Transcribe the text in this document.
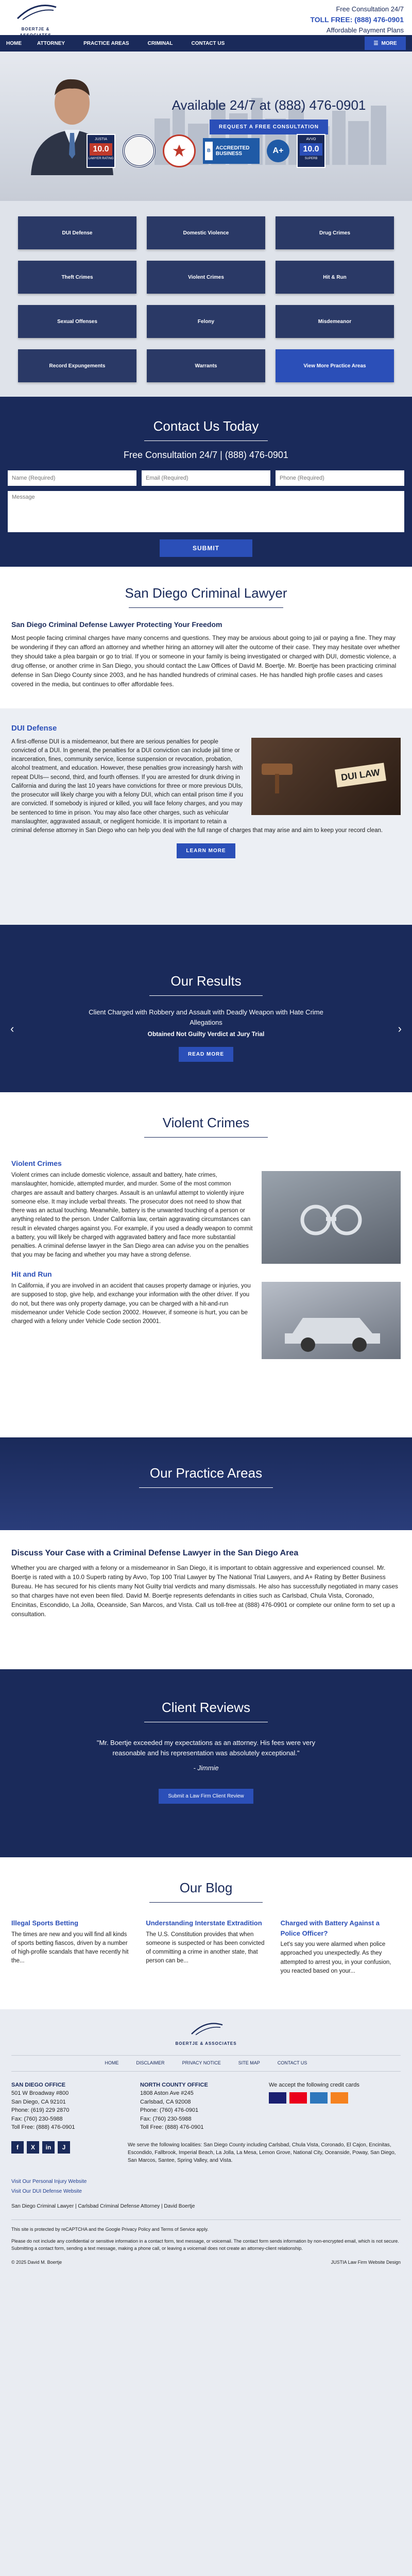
BOERTJE &
Free Consultation 24/7
TOLL FREE: (888) 476-0901
Affordable Payment Plans
HOME	ATTORNEY	PRACTICE AREAS	CRIMINAL	CONTACT US	☰ MORE
Available 24/7 at (888) 476-0901
REQUEST A FREE CONSULTATION
JUSTIA
10.0
LAWYER RATING
B	ACCREDITED BUSINESS	A+
AVVO
10.0
SUPERB
DUI Defense	Domestic Violence	Drug Crimes
Theft Crimes	Violent Crimes	Hit & Run
Sexual Offenses	Felony	Misdemeanor
Record Expungements	Warrants	View More Practice Areas
Contact Us Today
Free Consultation 24/7 | (888) 476-0901
Name (Required)
Email (Required)
Phone (Required)
Message
SUBMIT
San Diego Criminal Lawyer
San Diego Criminal Defense Lawyer Protecting Your Freedom

Most people facing criminal charges have many concerns and questions. They may be anxious about going to jail or paying a fine. They may be wondering if they can afford an attorney and whether hiring an attorney will alter the outcome of their case. They may hesitate over whether they should take a plea bargain or go to trial. If you or someone in your family is being investigated or charged with DUI, domestic violence, a drug offense, or another crime in San Diego, you should contact the Law Offices of David M. Boertje. Mr. Boertje has been practicing criminal defense in San Diego County since 2003, and he has handled hundreds of criminal cases. He has handled high profile cases and cases covered in the media, but continues to offer affordable fees.

DUI Defense
DUI LAW

A first-offense DUI is a misdemeanor, but there are serious penalties for people convicted of a DUI. In general, the penalties for a DUI conviction can include jail time or incarceration, fines, community service, license suspension or revocation, probation, alcohol treatment, and education. However, these penalties grow increasingly harsh with repeat DUIs— second, third, and fourth offenses. If you are arrested for drunk driving in California and during the last 10 years have convictions for three or more previous DUIs, the prosecutor will likely charge you with a felony DUI, which can entail prison time if you are convicted. If somebody is injured or killed, you will face felony charges, and you may be sentenced to time in prison. You may also face other charges, such as vehicular manslaughter, aggravated assault, or negligent homicide. It is important to retain a criminal defense attorney in San Diego who can help you deal with the full range of charges that may arise and aim to keep your record clean.

LEARN MORE
Our Results
Client Charged with Robbery and Assault with Deadly Weapon with Hate Crime Allegations
Obtained Not Guilty Verdict at Jury Trial
READ MORE
‹	›
Violent Crimes
Violent Crimes

Violent crimes can include domestic violence, assault and battery, hate crimes, manslaughter, homicide, attempted murder, and murder. Some of the most common charges are assault and battery charges. Assault is an unlawful attempt to violently injure someone else. It may include verbal threats. The prosecutor does not need to show that there was an actual touching. Meanwhile, battery is the unwanted touching of a person or anything related to the person. Under California law, certain aggravating circumstances can result in elevated charges against you. For example, if you used a deadly weapon to commit a battery, you will likely be charged with aggravated battery and face more substantial penalties. A criminal defense lawyer in the San Diego area can advise you on the penalties that you may be facing and whether you may have a strong defense.

Hit and Run

In California, if you are involved in an accident that causes property damage or injuries, you are supposed to stop, give help, and exchange your information with the other driver. If you do not, but there was only property damage, you can be charged with a hit-and-run misdemeanor under Vehicle Code section 20002. However, if someone is hurt, you can be charged with a felony under Vehicle Code section 20001.

Our Practice Areas
Discuss Your Case with a Criminal Defense Lawyer in the San Diego Area

Whether you are charged with a felony or a misdemeanor in San Diego, it is important to obtain aggressive and experienced counsel. Mr. Boertje is rated with a 10.0 Superb rating by Avvo, Top 100 Trial Lawyer by The National Trial Lawyers, and A+ Rating by Better Business Bureau. He has secured for his clients many Not Guilty trial verdicts and many dismissals. He also has successfully negotiated in many cases so that charges have not even been filed. David M. Boertje represents defendants in cities such as Carlsbad, Chula Vista, Coronado, Encinitas, Escondido, La Jolla, Oceanside, San Marcos, and Vista. Call us toll-free at (888) 476-0901 or complete our online form to set up a consultation.

Client Reviews
"Mr. Boertje exceeded my expectations as an attorney. His fees were very reasonable and his representation was absolutely exceptional."
- Jimmie
Submit a Law Firm Client Review
Our Blog
Illegal Sports Betting
The times are new and you will find all kinds of sports betting fiascos, driven by a number of high-profile scandals that have recently hit the...
Understanding Interstate Extradition
The U.S. Constitution provides that when someone is suspected or has been convicted of committing a crime in another state, that person can be...
Charged with Battery Against a Police Officer?
Let's say you were alarmed when police approached you unexpectedly. As they attempted to arrest you, in your confusion, you reacted based on your...
BOERTJE & ASSOCIATES
HOME	DISCLAIMER	PRIVACY NOTICE	SITE MAP	CONTACT US
SAN DIEGO OFFICE
501 W Broadway #800
San Diego, CA 92101
Phone: (619) 229 2870
Fax: (760) 230-5988
Toll Free: (888) 476-0901
NORTH COUNTY OFFICE
1808 Aston Ave #245
Carlsbad, CA 92008
Phone: (760) 476-0901
Fax: (760) 230-5988
Toll Free: (888) 476-0901
We accept the following credit cards
f	X	in	J	We serve the following localities: San Diego County including Carlsbad, Chula Vista, Coronado, El Cajon, Encinitas, Escondido, Fallbrook, Imperial Beach, La Jolla, La Mesa, Lemon Grove, National City, Oceanside, Poway, San Diego, San Marcos, Santee, Spring Valley, and Vista.
Visit Our Personal Injury Website
Visit Our DUI Defense Website
San Diego Criminal Lawyer | Carlsbad Criminal Defense Attorney | David Boertje
This site is protected by reCAPTCHA and the Google Privacy Policy and Terms of Service apply.
Please do not include any confidential or sensitive information in a contact form, text message, or voicemail. The contact form sends information by non-encrypted email, which is not secure. Submitting a contact form, sending a text message, making a phone call, or leaving a voicemail does not create an attorney-client relationship.
© 2025 David M. Boertje	JUSTIA Law Firm Website Design
